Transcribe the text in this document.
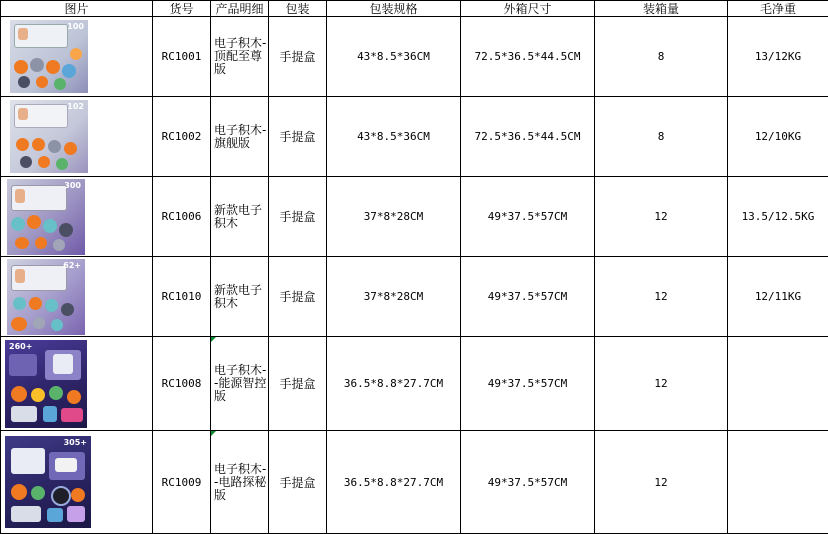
图片	货号	产品明细	包装	包装规格	外箱尺寸	装箱量	毛净重

100	RC1001	电子积木-顶配至尊版	手提盒	43*8.5*36CM	72.5*36.5*44.5CM	8	13/12KG

102	RC1002	电子积木-旗舰版	手提盒	43*8.5*36CM	72.5*36.5*44.5CM	8	12/10KG

300	RC1006	新款电子积木	手提盒	37*8*28CM	49*37.5*57CM	12	13.5/12.5KG

62+	RC1010	新款电子积木	手提盒	37*8*28CM	49*37.5*57CM	12	12/11KG

260+	RC1008	电子积木--能源智控版	手提盒	36.5*8.8*27.7CM	49*37.5*57CM	12	

305+	RC1009	电子积木--电路探秘版	手提盒	36.5*8.8*27.7CM	49*37.5*57CM	12	
